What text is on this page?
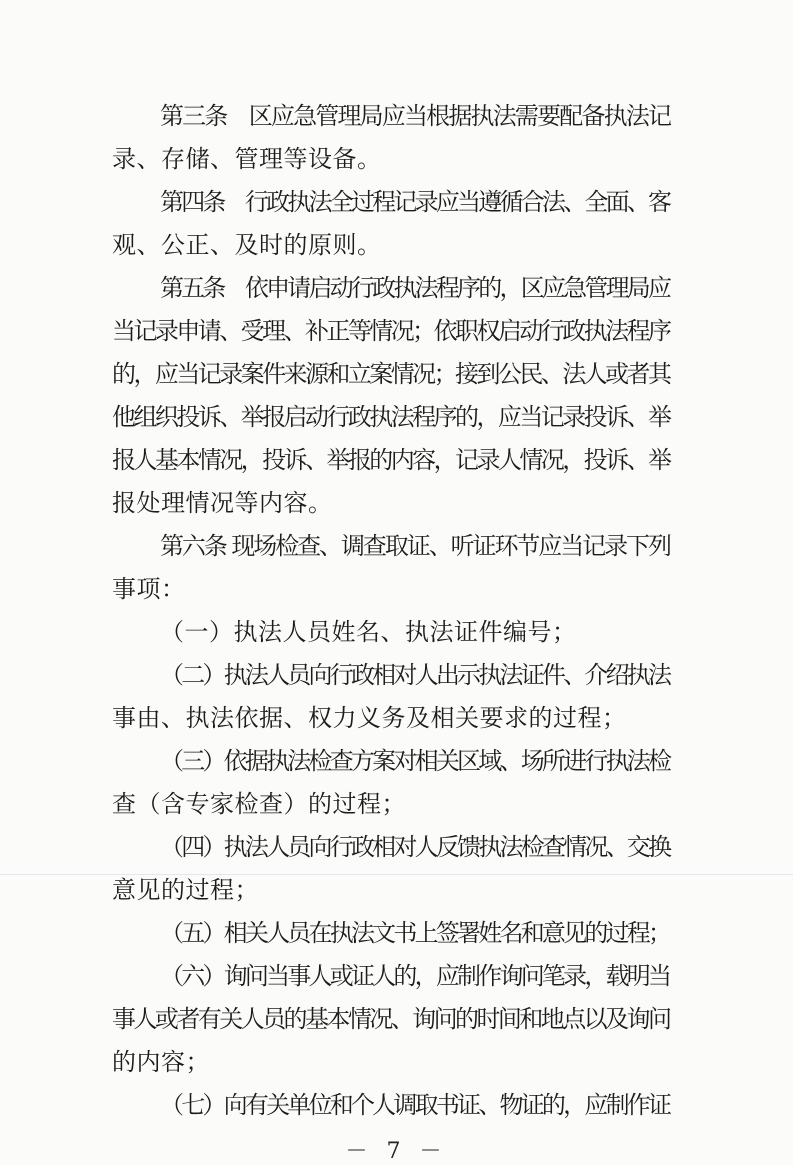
第三条　区应急管理局应当根据执法需要配备执法记
录、存储、管理等设备。
第四条　行政执法全过程记录应当遵循合法、全面、客
观、公正、及时的原则。
第五条　依申请启动行政执法程序的，区应急管理局应
当记录申请、受理、补正等情况；依职权启动行政执法程序
的，应当记录案件来源和立案情况；接到公民、法人或者其
他组织投诉、举报启动行政执法程序的，应当记录投诉、举
报人基本情况，投诉、举报的内容，记录人情况，投诉、举
报处理情况等内容。
第六条 现场检查、调查取证、听证环节应当记录下列
事项：
（一）执法人员姓名、执法证件编号；
（二）执法人员向行政相对人出示执法证件、介绍执法
事由、执法依据、权力义务及相关要求的过程；
（三）依据执法检查方案对相关区域、场所进行执法检
查（含专家检查）的过程；
（四）执法人员向行政相对人反馈执法检查情况、交换
意见的过程；
（五）相关人员在执法文书上签署姓名和意见的过程；
（六）询问当事人或证人的，应制作询问笔录，载明当
事人或者有关人员的基本情况、询问的时间和地点以及询问
的内容；
（七）向有关单位和个人调取书证、物证的，应制作证
－ 7 －
